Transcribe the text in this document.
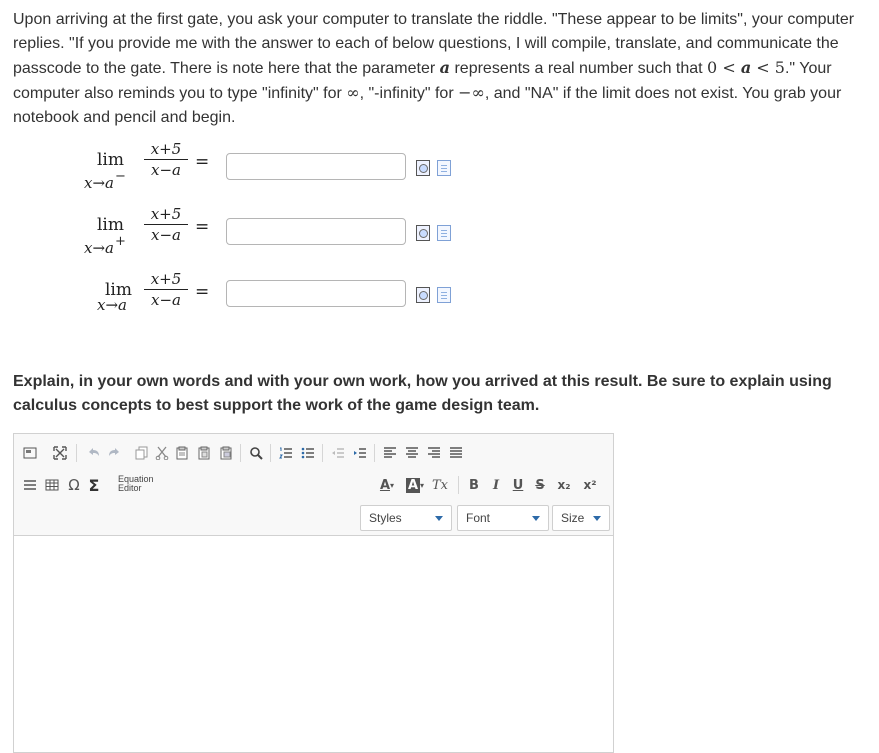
Upon arriving at the first gate, you ask your computer to translate the riddle. "These appear to be limits", your computer replies. "If you provide me with the answer to each of below questions, I will compile, translate, and communicate the passcode to the gate. There is note here that the parameter a represents a real number such that 0 < a < 5." Your computer also reminds you to type "infinity" for ∞, "-infinity" for −∞, and "NA" if the limit does not exist. You grab your notebook and pencil and begin.
lim
x→a−
x+5
x−a =
lim
x→a+
x+5
x−a =
lim
x→a
x+5
x−a =
Explain, in your own words and with your own work, how you arrived at this result. Be sure to explain using calculus concepts to best support the work of the game design team.
Ω Σ Equation
Editor	A ▾ A ▾ Tx B I U S x₂ x²
Styles	Font	Size
